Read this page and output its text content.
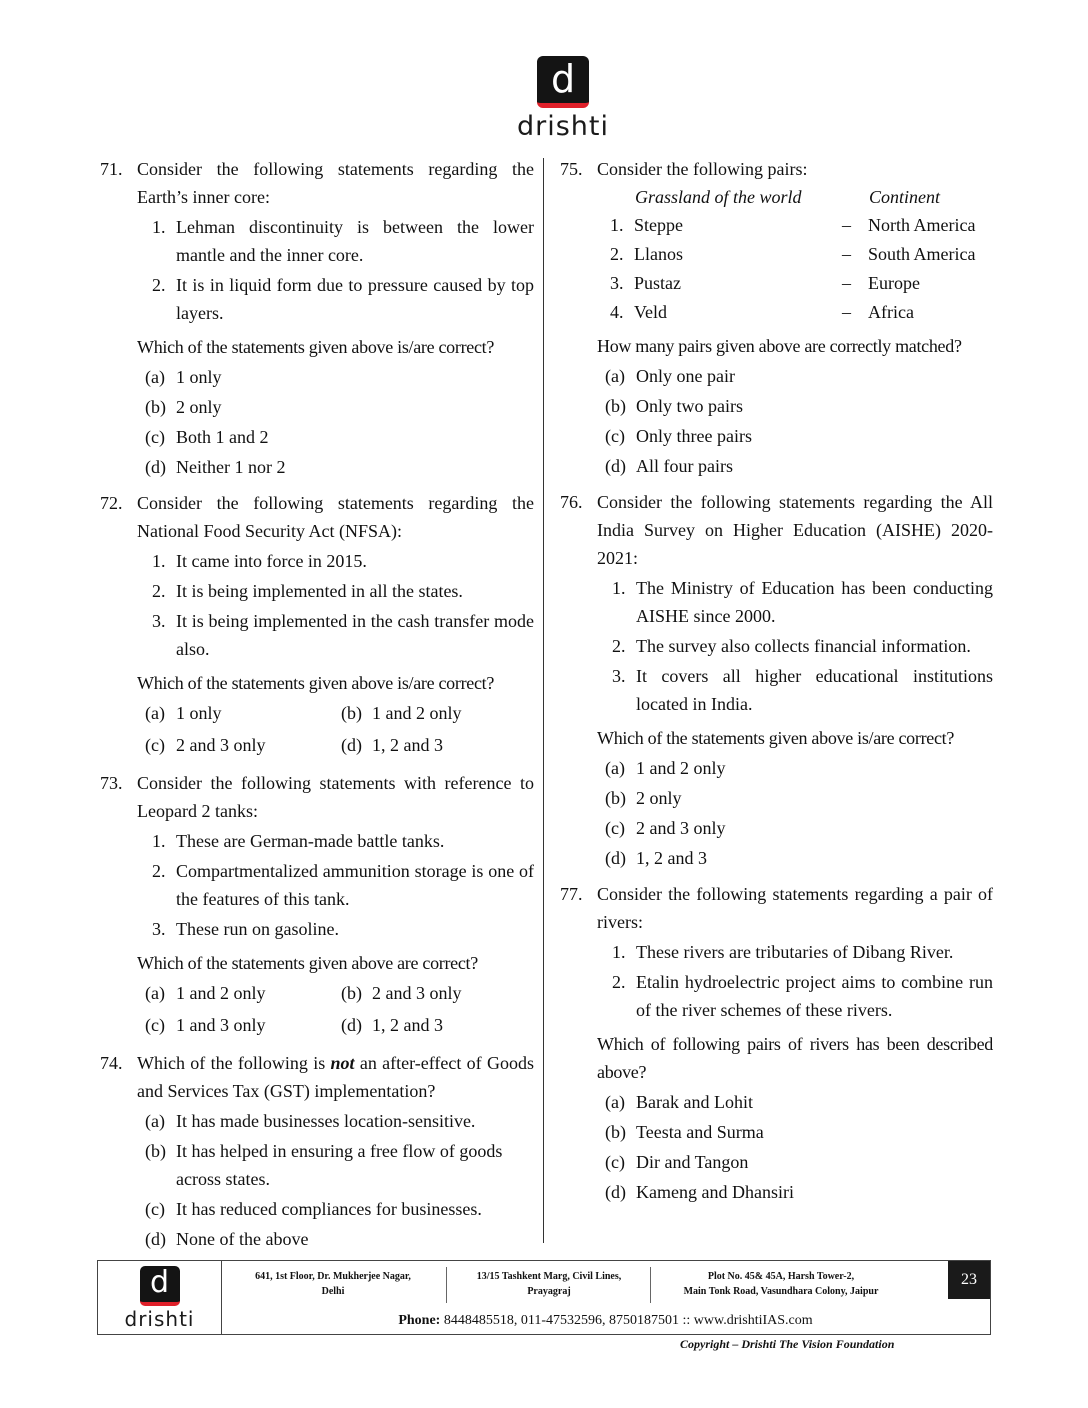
d
drishti
71. Consider the following statements regarding the Earth’s inner core:
1. Lehman discontinuity is between the lower mantle and the inner core.
2. It is in liquid form due to pressure caused by top layers.
Which of the statements given above is/are correct?
(a) 1 only
(b) 2 only
(c) Both 1 and 2
(d) Neither 1 nor 2
72. Consider the following statements regarding the National Food Security Act (NFSA):
1. It came into force in 2015.
2. It is being implemented in all the states.
3. It is being implemented in the cash transfer mode also.
Which of the statements given above is/are correct?
(a) 1 only	(b) 1 and 2 only
(c) 2 and 3 only	(d) 1, 2 and 3
73. Consider the following statements with reference to Leopard 2 tanks:
1. These are German-made battle tanks.
2. Compartmentalized ammunition storage is one of the features of this tank.
3. These run on gasoline.
Which of the statements given above are correct?
(a) 1 and 2 only	(b) 2 and 3 only
(c) 1 and 3 only	(d) 1, 2 and 3
74. Which of the following is not an after-effect of Goods and Services Tax (GST) implementation?
(a) It has made businesses location-sensitive.
(b) It has helped in ensuring a free flow of goods across states.
(c) It has reduced compliances for businesses.
(d) None of the above
75. Consider the following pairs:
Grassland of the world	Continent
1. Steppe	– North America
2. Llanos	– South America
3. Pustaz	– Europe
4. Veld	– Africa
How many pairs given above are correctly matched?
(a) Only one pair
(b) Only two pairs
(c) Only three pairs
(d) All four pairs
76. Consider the following statements regarding the All India Survey on Higher Education (AISHE) 2020-2021:
1. The Ministry of Education has been conducting AISHE since 2000.
2. The survey also collects financial information.
3. It covers all higher educational institutions located in India.
Which of the statements given above is/are correct?
(a) 1 and 2 only
(b) 2 only
(c) 2 and 3 only
(d) 1, 2 and 3
77. Consider the following statements regarding a pair of rivers:
1. These rivers are tributaries of Dibang River.
2. Etalin hydroelectric project aims to combine run of the river schemes of these rivers.
Which of following pairs of rivers has been described above?
(a) Barak and Lohit
(b) Teesta and Surma
(c) Dir and Tangon
(d) Kameng and Dhansiri
d
drishti
641, 1st Floor, Dr. Mukherjee Nagar,
Delhi
13/15 Tashkent Marg, Civil Lines,
Prayagraj
Plot No. 45& 45A, Harsh Tower-2,
Main Tonk Road, Vasundhara Colony, Jaipur
23
Phone: 8448485518, 011-47532596, 8750187501 :: www.drishtiIAS.com
Copyright – Drishti The Vision Foundation
